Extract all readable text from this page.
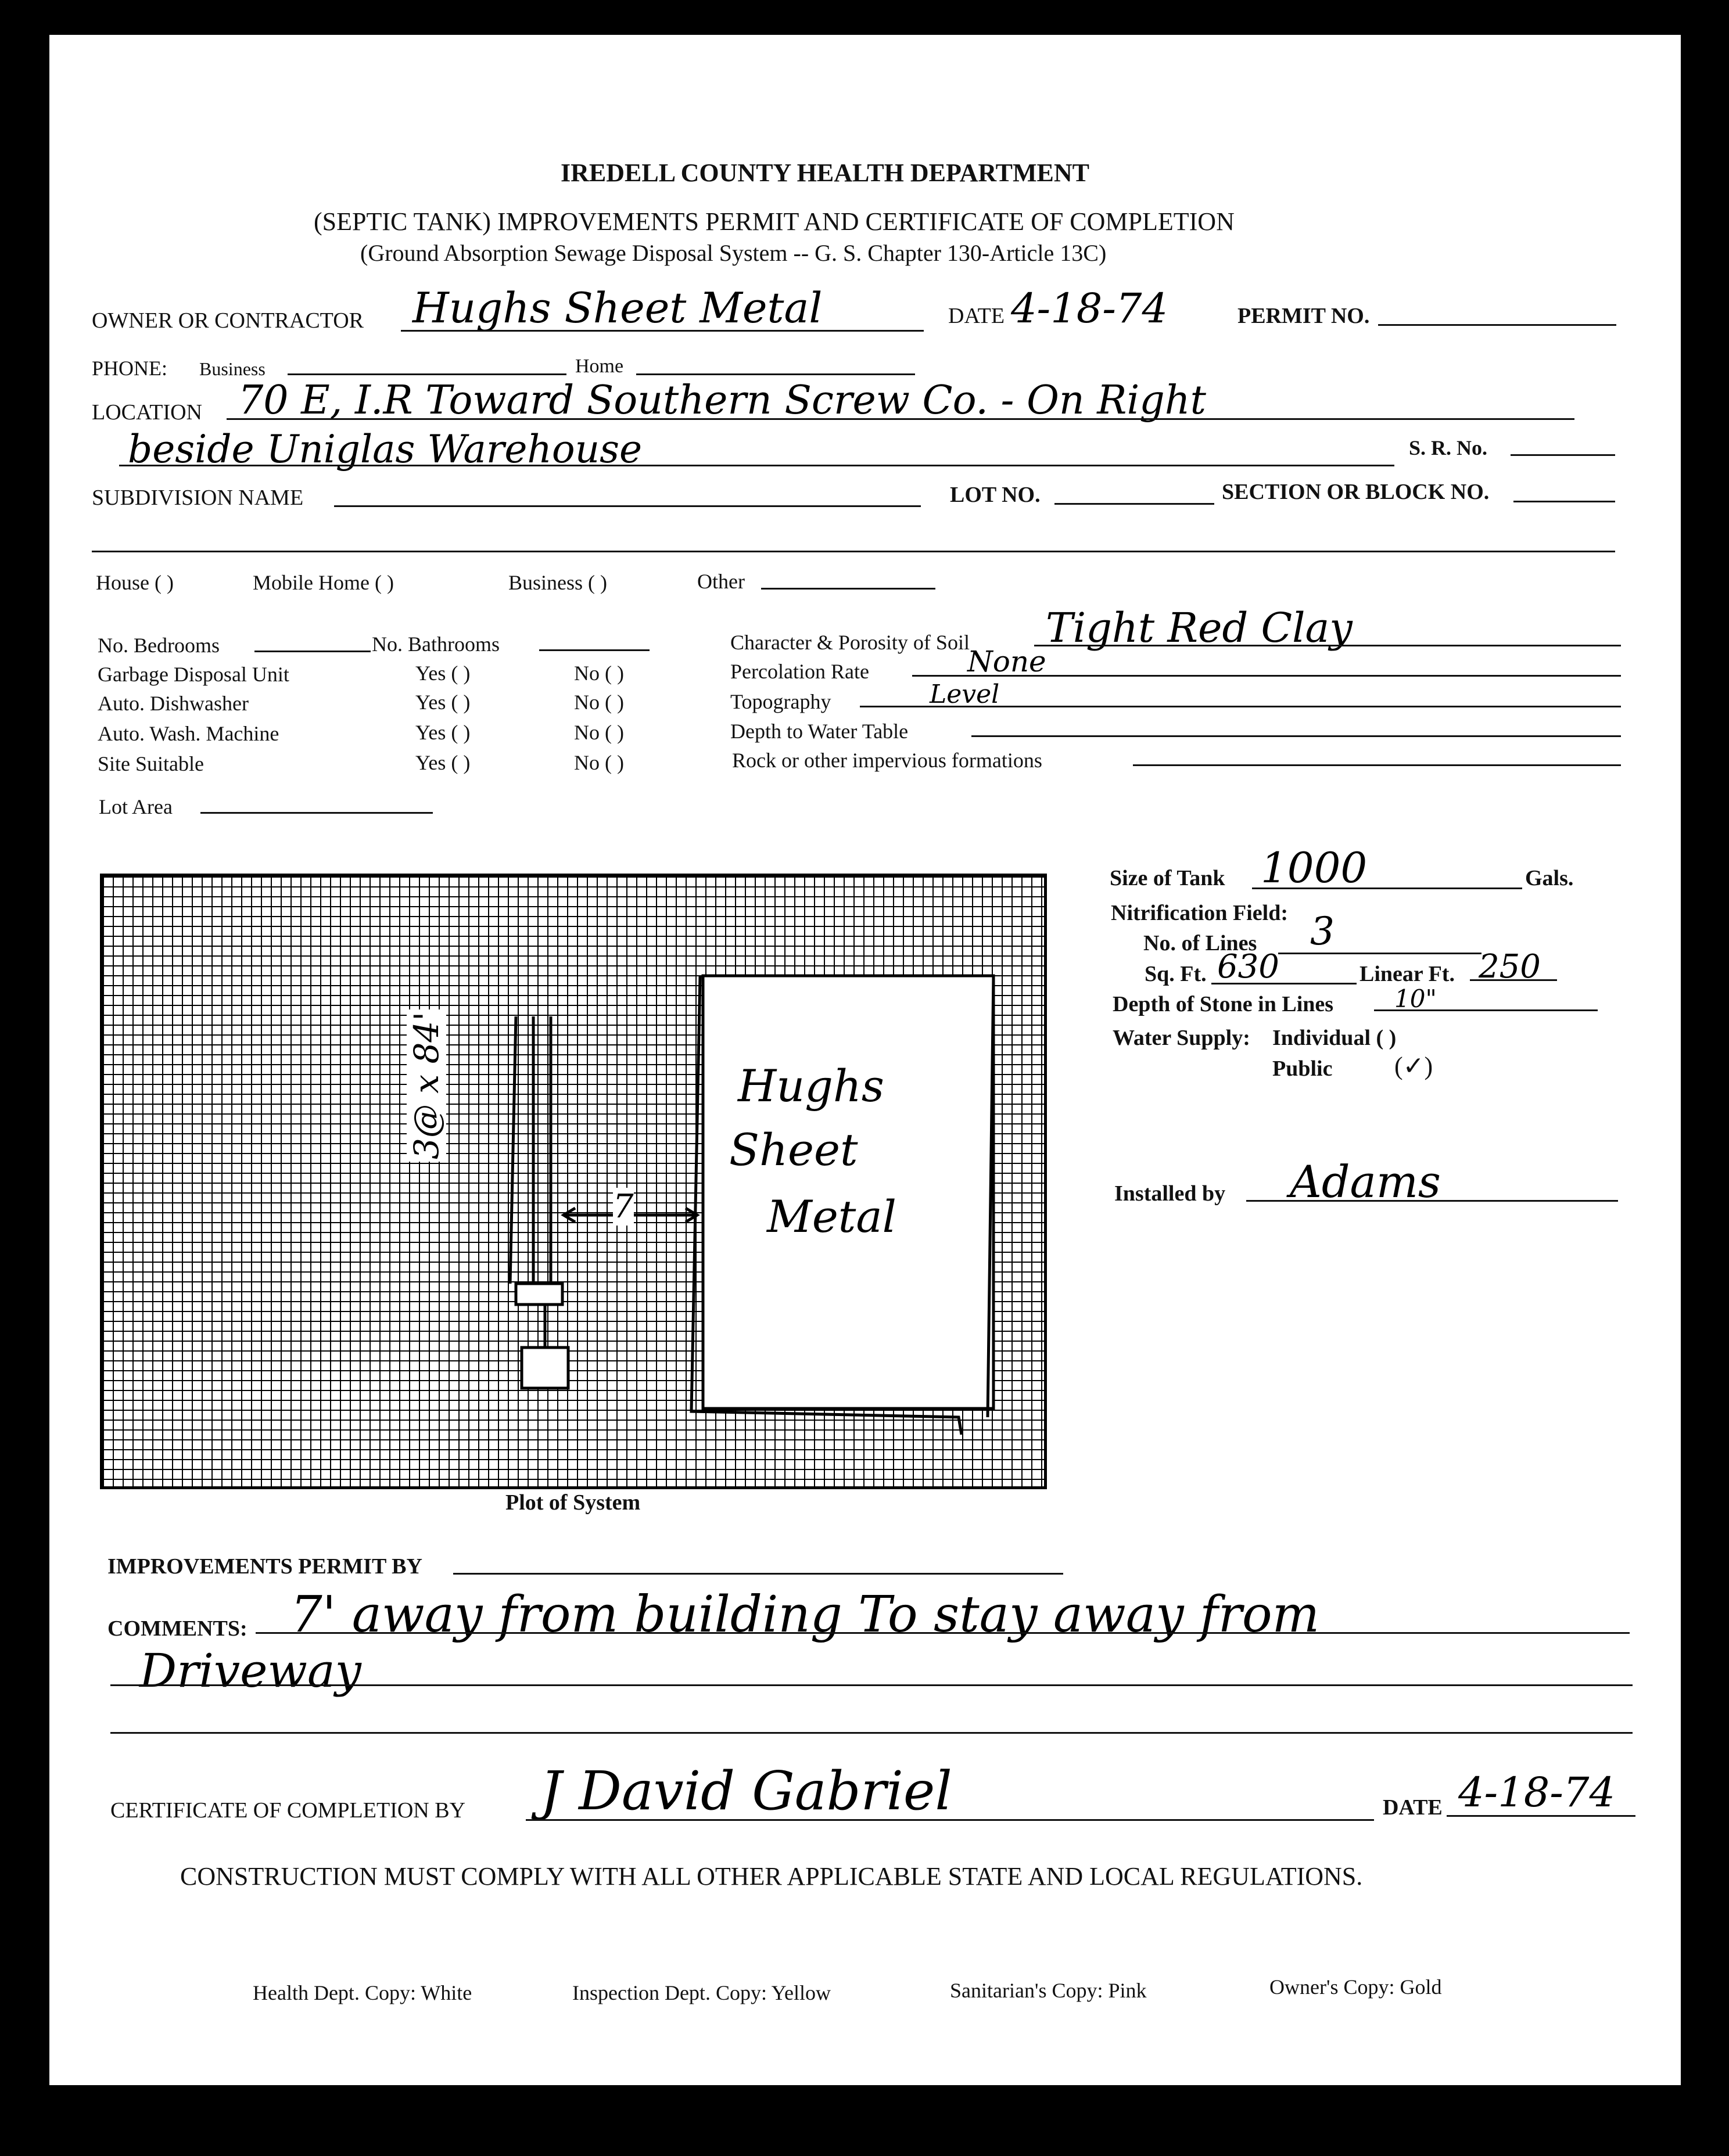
IREDELL COUNTY HEALTH DEPARTMENT
(SEPTIC TANK) IMPROVEMENTS PERMIT AND CERTIFICATE OF COMPLETION
(Ground Absorption Sewage Disposal System -- G. S. Chapter 130-Article 13C)
OWNER OR CONTRACTOR Hughs Sheet Metal	DATE 4-18-74	PERMIT NO.
PHONE: Business	Home
LOCATION 70 E, I.R Toward Southern Screw Co. - On Right
beside Uniglas Warehouse	S. R. No.
SUBDIVISION NAME	LOT NO.	SECTION OR BLOCK NO.
House ( )	Mobile Home ( )	Business ( )	Other
No. Bedrooms	No. Bathrooms
Garbage Disposal Unit	Yes ( )	No ( )
Auto. Dishwasher	Yes ( )	No ( )
Auto. Wash. Machine	Yes ( )	No ( )
Site Suitable	Yes ( )	No ( )
Lot Area
Character & Porosity of Soil Tight Red Clay
Percolation Rate	None
Topography	Level
Depth to Water Table
Rock or other impervious formations
Hughs
Sheet
Metal
7
3@ x 84'
Plot of System
Size of Tank 1000	Gals.
Nitrification Field:
No. of Lines 3
Sq. Ft. 630	Linear Ft. 250
Depth of Stone in Lines 10"
Water Supply: Individual ( )
Public (✓)
Installed by Adams
IMPROVEMENTS PERMIT BY
COMMENTS: 7' away from building To stay away from
Driveway
CERTIFICATE OF COMPLETION BY J David Gabriel	DATE 4-18-74
CONSTRUCTION MUST COMPLY WITH ALL OTHER APPLICABLE STATE AND LOCAL REGULATIONS.
Health Dept. Copy: White	Inspection Dept. Copy: Yellow	Sanitarian's Copy: Pink	Owner's Copy: Gold
